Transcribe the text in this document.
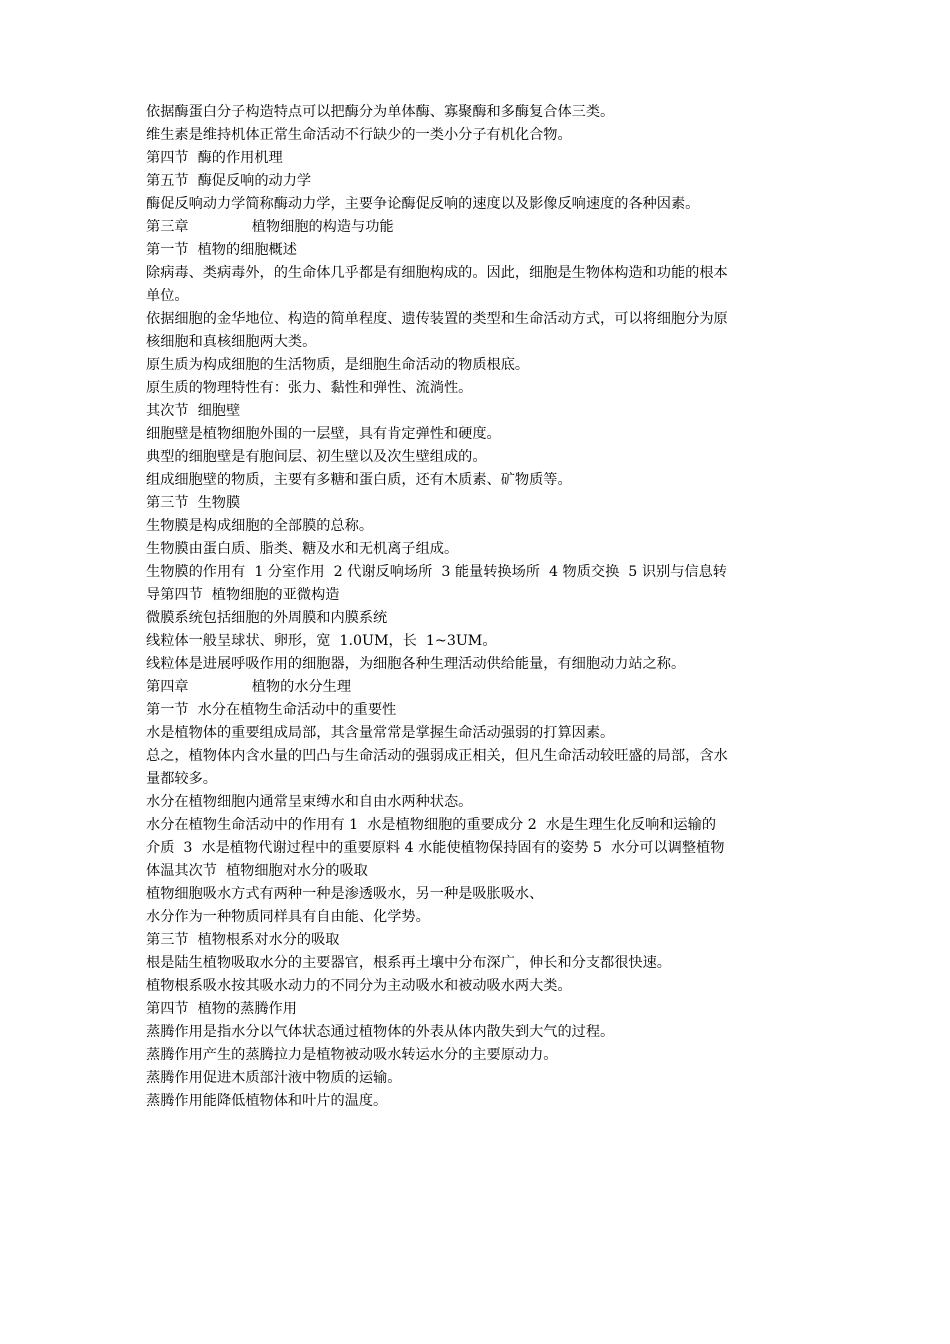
依据酶蛋白分子构造特点可以把酶分为单体酶、寡聚酶和多酶复合体三类。
维生素是维持机体正常生命活动不行缺少的一类小分子有机化合物。
第四节  酶的作用机理
第五节  酶促反响的动力学
酶促反响动力学简称酶动力学，主要争论酶促反响的速度以及影像反响速度的各种因素。
第三章              植物细胞的构造与功能
第一节  植物的细胞概述
除病毒、类病毒外，的生命体几乎都是有细胞构成的。因此，细胞是生物体构造和功能的根本
单位。
依据细胞的金华地位、构造的简单程度、遗传装置的类型和生命活动方式，可以将细胞分为原
核细胞和真核细胞两大类。
原生质为构成细胞的生活物质，是细胞生命活动的物质根底。
原生质的物理特性有：张力、黏性和弹性、流淌性。
其次节  细胞壁
细胞壁是植物细胞外围的一层壁，具有肯定弹性和硬度。
典型的细胞壁是有胞间层、初生壁以及次生壁组成的。
组成细胞壁的物质，主要有多糖和蛋白质，还有木质素、矿物质等。
第三节  生物膜
生物膜是构成细胞的全部膜的总称。
生物膜由蛋白质、脂类、糖及水和无机离子组成。
生物膜的作用有  1 分室作用  2 代谢反响场所  3 能量转换场所  4 物质交换  5 识别与信息转
导第四节  植物细胞的亚微构造
微膜系统包括细胞的外周膜和内膜系统
线粒体一般呈球状、卵形，宽  1.0UM，长  1~3UM。
线粒体是进展呼吸作用的细胞器，为细胞各种生理活动供给能量，有细胞动力站之称。
第四章              植物的水分生理
第一节  水分在植物生命活动中的重要性
水是植物体的重要组成局部，其含量常常是掌握生命活动强弱的打算因素。
总之，植物体内含水量的凹凸与生命活动的强弱成正相关，但凡生命活动较旺盛的局部，含水
量都较多。
水分在植物细胞内通常呈束缚水和自由水两种状态。
水分在植物生命活动中的作用有 1  水是植物细胞的重要成分 2  水是生理生化反响和运输的
介质  3  水是植物代谢过程中的重要原料 4 水能使植物保持固有的姿势 5  水分可以调整植物
体温其次节  植物细胞对水分的吸取
植物细胞吸水方式有两种一种是渗透吸水，另一种是吸胀吸水、
水分作为一种物质同样具有自由能、化学势。
第三节  植物根系对水分的吸取
根是陆生植物吸取水分的主要器官，根系再土壤中分布深广，伸长和分支都很快速。
植物根系吸水按其吸水动力的不同分为主动吸水和被动吸水两大类。
第四节  植物的蒸腾作用
蒸腾作用是指水分以气体状态通过植物体的外表从体内散失到大气的过程。
蒸腾作用产生的蒸腾拉力是植物被动吸水转运水分的主要原动力。
蒸腾作用促进木质部汁液中物质的运输。
蒸腾作用能降低植物体和叶片的温度。
